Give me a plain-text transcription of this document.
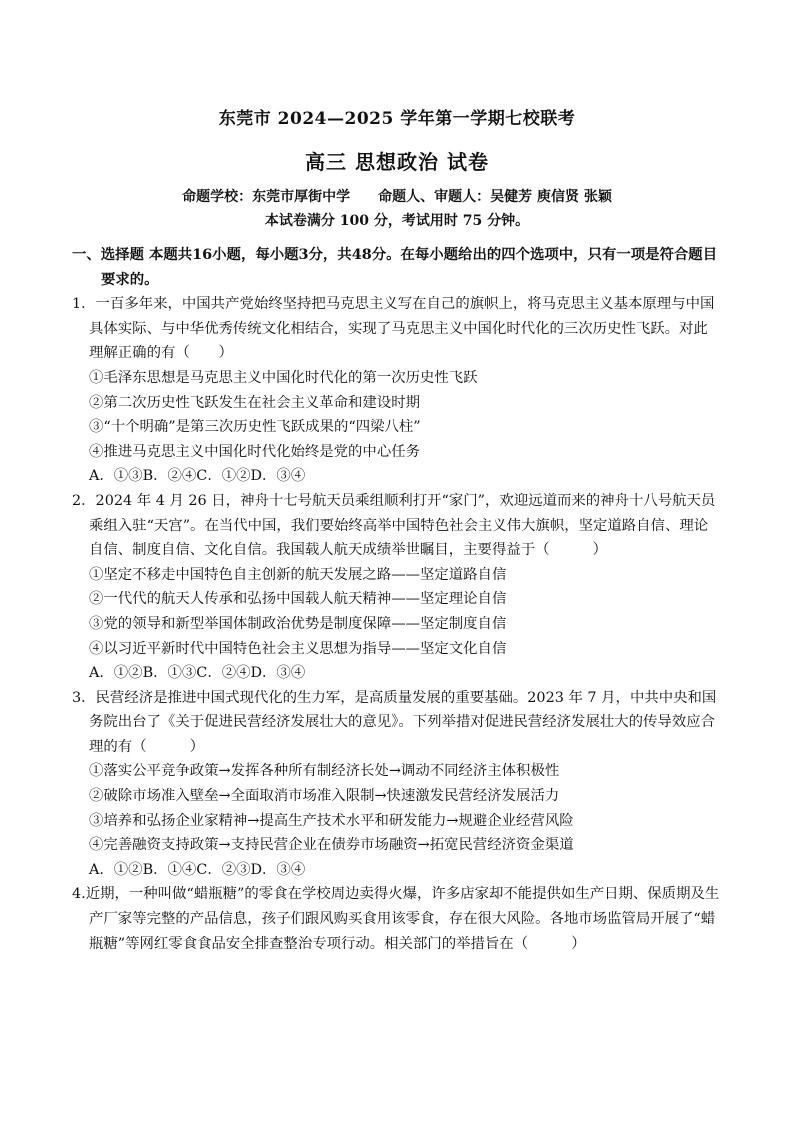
东莞市 2024—2025 学年第一学期七校联考
高三 思想政治 试卷
命题学校：东莞市厚街中学　　命题人、审题人：吴健芳 庾信贤 张颖
本试卷满分 100 分，考试用时 75 分钟。
一、选择题 本题共16小题，每小题3分，共48分。在每小题给出的四个选项中，只有一项是符合题目要求的。
1．一百多年来，中国共产党始终坚持把马克思主义写在自己的旗帜上，将马克思主义基本原理与中国具体实际、与中华优秀传统文化相结合，实现了马克思主义中国化时代化的三次历史性飞跃。对此理解正确的有（　　）
①毛泽东思想是马克思主义中国化时代化的第一次历史性飞跃
②第二次历史性飞跃发生在社会主义革命和建设时期
③“十个明确”是第三次历史性飞跃成果的“四梁八柱”
④推进马克思主义中国化时代化始终是党的中心任务
A．①③B．②④C．①②D．③④
2．2024 年 4 月 26 日，神舟十七号航天员乘组顺利打开“家门”，欢迎远道而来的神舟十八号航天员乘组入驻“天宫”。在当代中国，我们要始终高举中国特色社会主义伟大旗帜，坚定道路自信、理论自信、制度自信、文化自信。我国载人航天成绩举世瞩目，主要得益于（　　　）
①坚定不移走中国特色自主创新的航天发展之路——坚定道路自信
②一代代的航天人传承和弘扬中国载人航天精神——坚定理论自信
③党的领导和新型举国体制政治优势是制度保障——坚定制度自信
④以习近平新时代中国特色社会主义思想为指导——坚定文化自信
A．①②B．①③C．②④D．③④
3．民营经济是推进中国式现代化的生力军，是高质量发展的重要基础。2023 年 7 月，中共中央和国务院出台了《关于促进民营经济发展壮大的意见》。下列举措对促进民营经济发展壮大的传导效应合理的有（　　　）
①落实公平竞争政策→发挥各种所有制经济长处→调动不同经济主体积极性
②破除市场准入壁垒→全面取消市场准入限制→快速激发民营经济发展活力
③培养和弘扬企业家精神→提高生产技术水平和研发能力→规避企业经营风险
④完善融资支持政策→支持民营企业在债券市场融资→拓宽民营经济资金渠道
A．①②B．①④C．②③D．③④
4.近期，一种叫做“蜡瓶糖”的零食在学校周边卖得火爆，许多店家却不能提供如生产日期、保质期及生产厂家等完整的产品信息，孩子们跟风购买食用该零食，存在很大风险。各地市场监管局开展了“蜡瓶糖”等网红零食食品安全排查整治专项行动。相关部门的举措旨在（　　　）
